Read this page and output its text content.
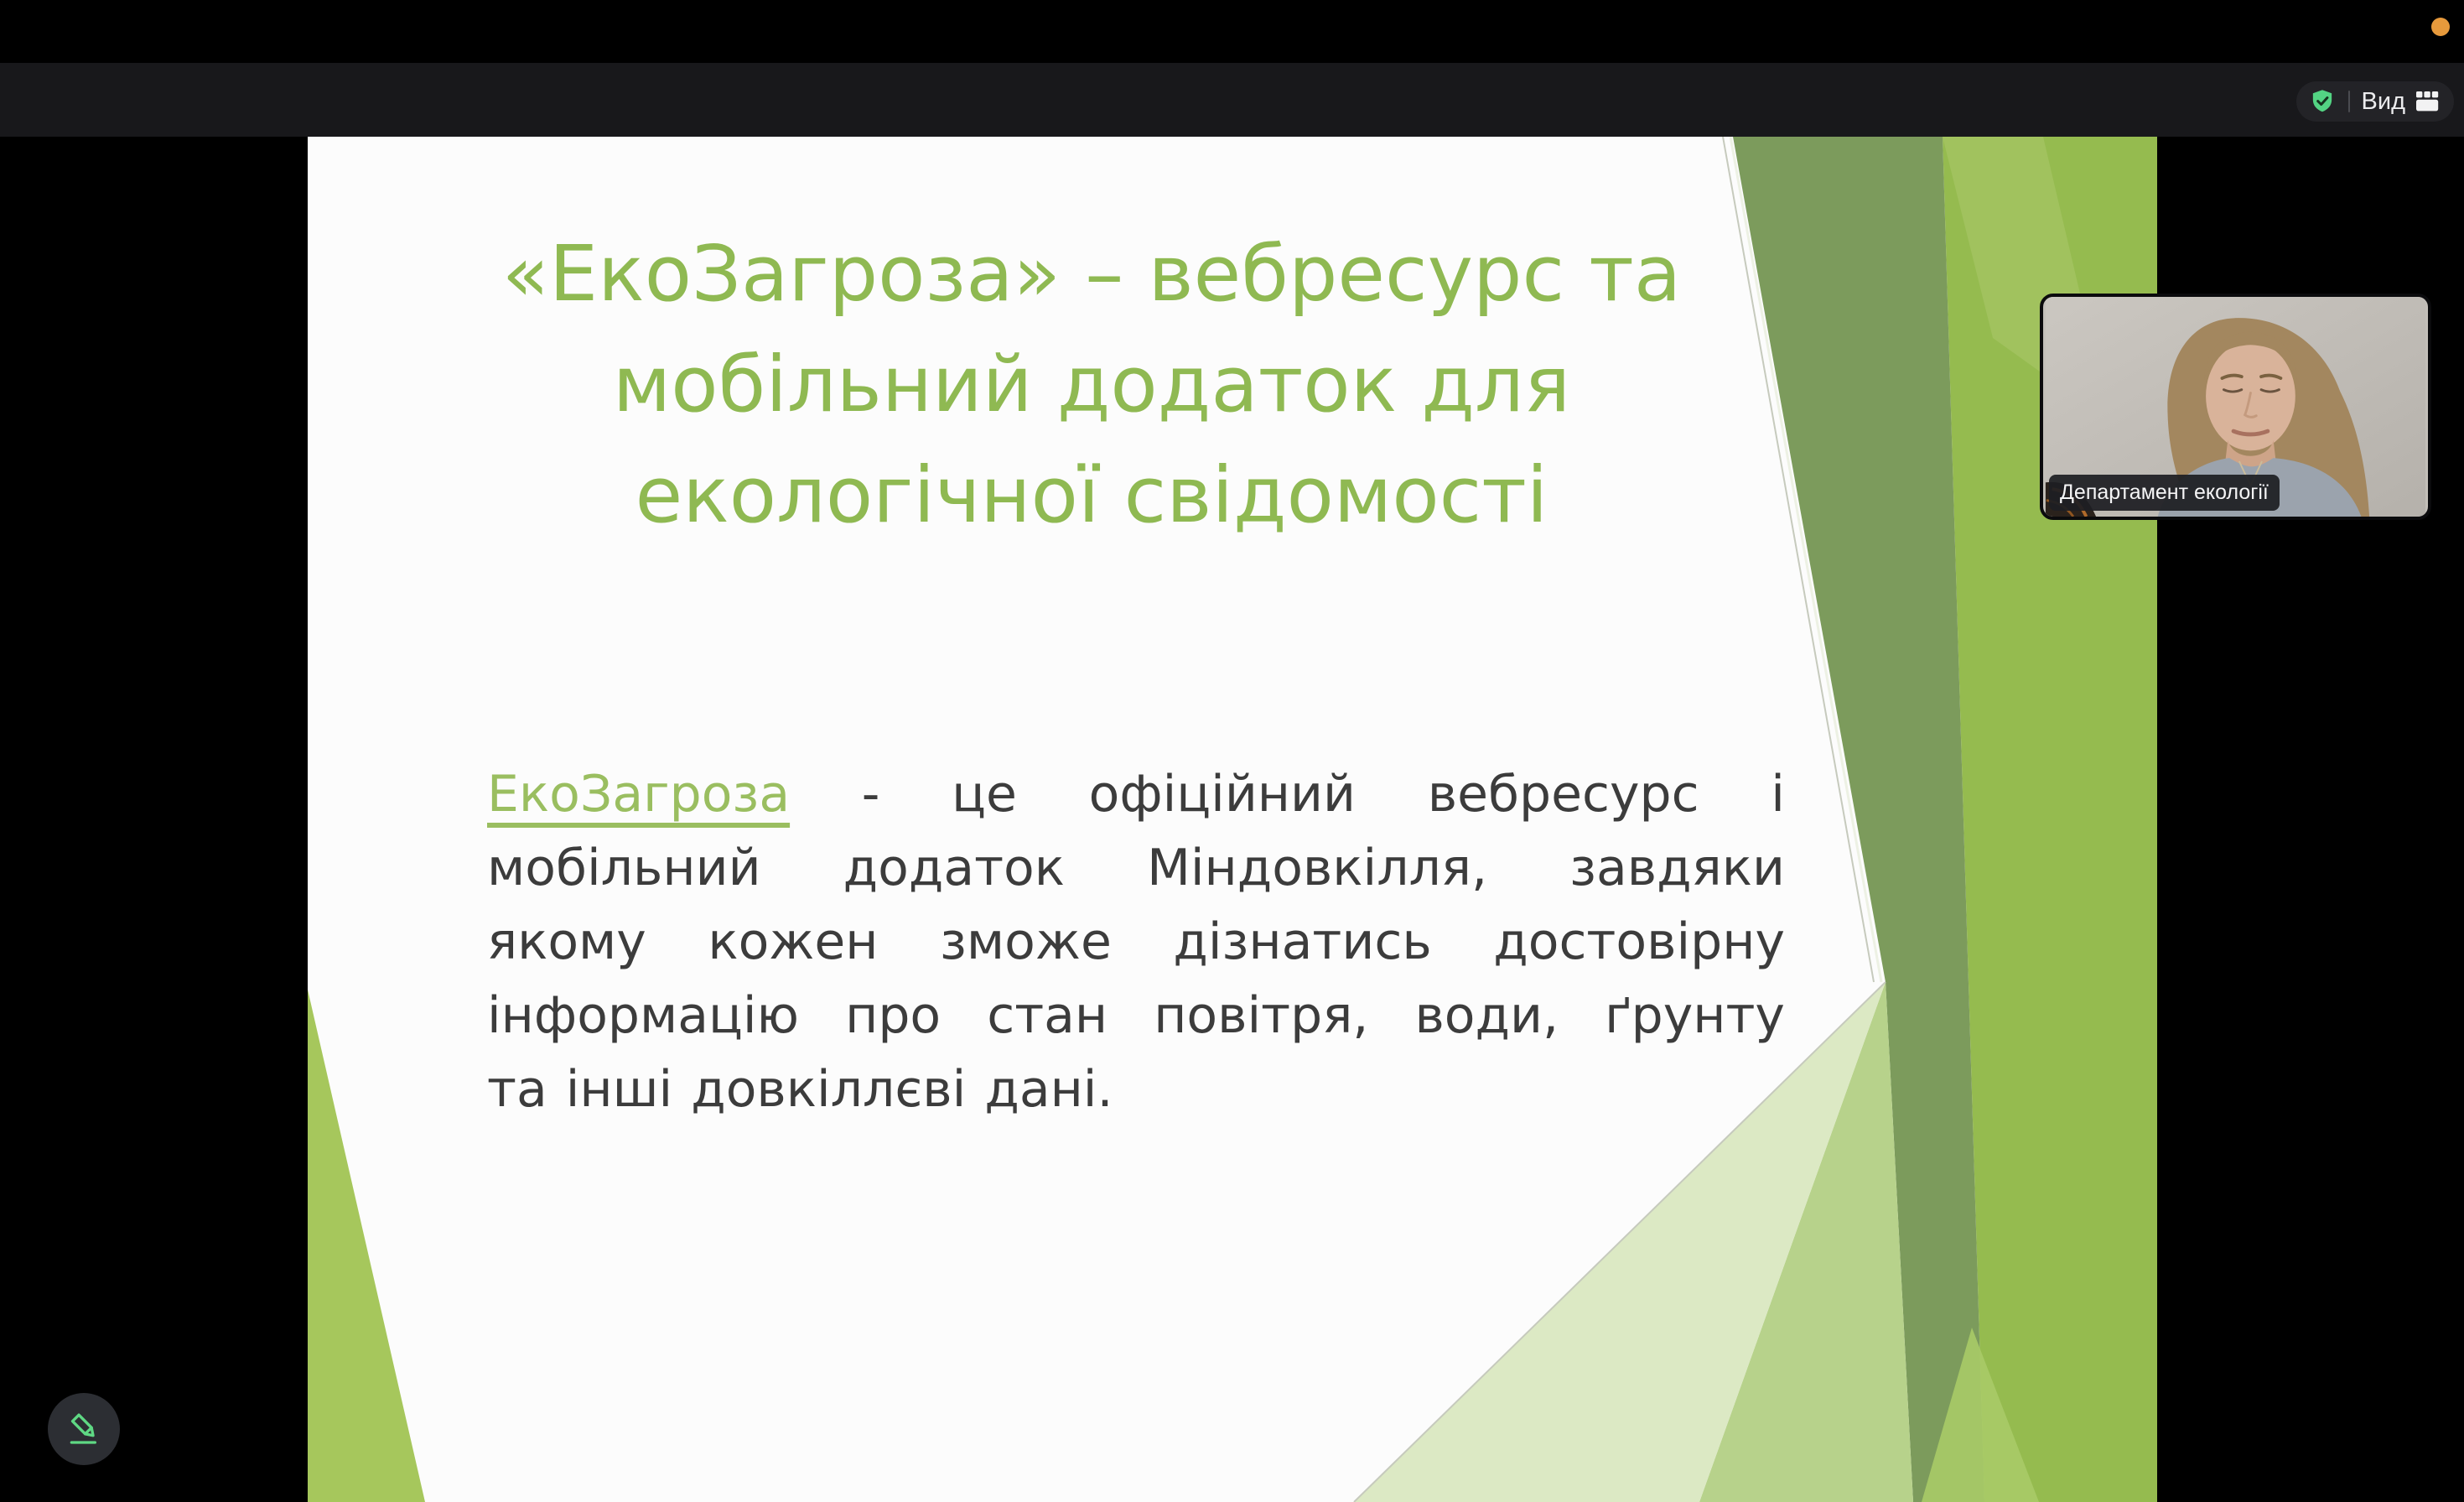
Вид
«ЕкоЗагроза» – вебресурс та
мобільний додаток для
екологічної свідомості
ЕкоЗагроза - це офіційний вебресурс і
мобільний додаток Міндовкілля, завдяки
якому кожен зможе дізнатись достовірну
інформацію про стан повітря, води, ґрунту
та інші довкіллєві дані.
Департамент екології
